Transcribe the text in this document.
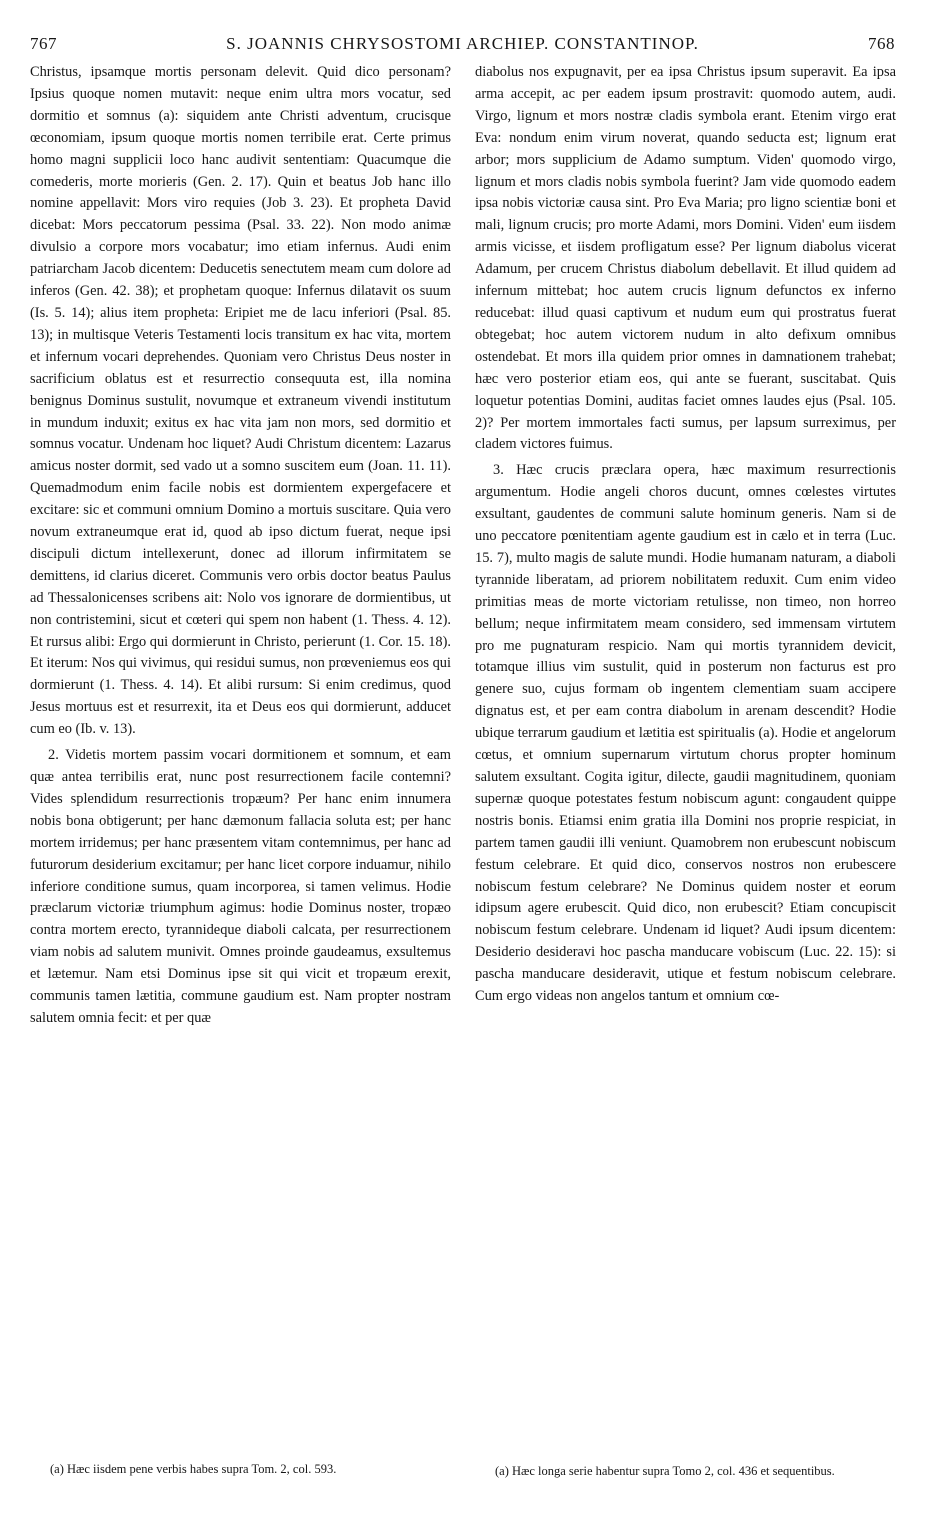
767	S. JOANNIS CHRYSOSTOMI ARCHIEP. CONSTANTINOP.	768

Christus, ipsamque mortis personam delevit. Quid dico personam? Ipsius quoque nomen mutavit: neque enim ultra mors vocatur, sed dormitio et somnus (a): siquidem ante Christi adventum, crucisque œconomiam, ipsum quoque mortis nomen terribile erat. Certe primus homo magni supplicii loco hanc audivit sententiam: Quacumque die comederis, morte morieris (Gen. 2. 17). Quin et beatus Job hanc illo nomine appellavit: Mors viro requies (Job 3. 23). Et propheta David dicebat: Mors peccatorum pessima (Psal. 33. 22). Non modo animæ divulsio a corpore mors vocabatur; imo etiam infernus. Audi enim patriarcham Jacob dicentem: Deducetis senectutem meam cum dolore ad inferos (Gen. 42. 38); et prophetam quoque: Infernus dilatavit os suum (Is. 5. 14); alius item propheta: Eripiet me de lacu inferiori (Psal. 85. 13); in multisque Veteris Testamenti locis transitum ex hac vita, mortem et infernum vocari deprehendes. Quoniam vero Christus Deus noster in sacrificium oblatus est et resurrectio consequuta est, illa nomina benignus Dominus sustulit, novumque et extraneum vivendi institutum in mundum induxit; exitus ex hac vita jam non mors, sed dormitio et somnus vocatur. Undenam hoc liquet? Audi Christum dicentem: Lazarus amicus noster dormit, sed vado ut a somno suscitem eum (Joan. 11. 11). Quemadmodum enim facile nobis est dormientem expergefacere et excitare: sic et communi omnium Domino a mortuis suscitare. Quia vero novum extraneumque erat id, quod ab ipso dictum fuerat, neque ipsi discipuli dictum intellexerunt, donec ad illorum infirmitatem se demittens, id clarius diceret. Communis vero orbis doctor beatus Paulus ad Thessalonicenses scribens ait: Nolo vos ignorare de dormientibus, ut non contristemini, sicut et cœteri qui spem non habent (1. Thess. 4. 12). Et rursus alibi: Ergo qui dormierunt in Christo, perierunt (1. Cor. 15. 18). Et iterum: Nos qui vivimus, qui residui sumus, non prœveniemus eos qui dormierunt (1. Thess. 4. 14). Et alibi rursum: Si enim credimus, quod Jesus mortuus est et resurrexit, ita et Deus eos qui dormierunt, adducet cum eo (Ib. v. 13).

2. Videtis mortem passim vocari dormitionem et somnum, et eam quæ antea terribilis erat, nunc post resurrectionem facile contemni? Vides splendidum resurrectionis tropæum? Per hanc enim innumera nobis bona obtigerunt; per hanc dæmonum fallacia soluta est; per hanc mortem irridemus; per hanc præsentem vitam contemnimus, per hanc ad futurorum desiderium excitamur; per hanc licet corpore induamur, nihilo inferiore conditione sumus, quam incorporea, si tamen velimus. Hodie præclarum victoriæ triumphum agimus: hodie Dominus noster, tropæo contra mortem erecto, tyrannideque diaboli calcata, per resurrectionem viam nobis ad salutem munivit. Omnes proinde gaudeamus, exsultemus et lætemur. Nam etsi Dominus ipse sit qui vicit et tropæum erexit, communis tamen lætitia, commune gaudium est. Nam propter nostram salutem omnia fecit: et per quæ

diabolus nos expugnavit, per ea ipsa Christus ipsum superavit. Ea ipsa arma accepit, ac per eadem ipsum prostravit: quomodo autem, audi. Virgo, lignum et mors nostræ cladis symbola erant. Etenim virgo erat Eva: nondum enim virum noverat, quando seducta est; lignum erat arbor; mors supplicium de Adamo sumptum. Viden' quomodo virgo, lignum et mors cladis nobis symbola fuerint? Jam vide quomodo eadem ipsa nobis victoriæ causa sint. Pro Eva Maria; pro ligno scientiæ boni et mali, lignum crucis; pro morte Adami, mors Domini. Viden' eum iisdem armis vicisse, et iisdem profligatum esse? Per lignum diabolus vicerat Adamum, per crucem Christus diabolum debellavit. Et illud quidem ad infernum mittebat; hoc autem crucis lignum defunctos ex inferno reducebat: illud quasi captivum et nudum eum qui prostratus fuerat obtegebat; hoc autem victorem nudum in alto defixum omnibus ostendebat. Et mors illa quidem prior omnes in damnationem trahebat; hæc vero posterior etiam eos, qui ante se fuerant, suscitabat. Quis loquetur potentias Domini, auditas faciet omnes laudes ejus (Psal. 105. 2)? Per mortem immortales facti sumus, per lapsum surreximus, per cladem victores fuimus.

3. Hæc crucis præclara opera, hæc maximum resurrectionis argumentum. Hodie angeli choros ducunt, omnes cœlestes virtutes exsultant, gaudentes de communi salute hominum generis. Nam si de uno peccatore pœnitentiam agente gaudium est in cælo et in terra (Luc. 15. 7), multo magis de salute mundi. Hodie humanam naturam, a diaboli tyrannide liberatam, ad priorem nobilitatem reduxit. Cum enim video primitias meas de morte victoriam retulisse, non timeo, non horreo bellum; neque infirmitatem meam considero, sed immensam virtutem pro me pugnaturam respicio. Nam qui mortis tyrannidem devicit, totamque illius vim sustulit, quid in posterum non facturus est pro genere suo, cujus formam ob ingentem clementiam suam accipere dignatus est, et per eam contra diabolum in arenam descendit? Hodie ubique terrarum gaudium et lætitia est spiritualis (a). Hodie et angelorum cœtus, et omnium supernarum virtutum chorus propter hominum salutem exsultant. Cogita igitur, dilecte, gaudii magnitudinem, quoniam supernæ quoque potestates festum nobiscum agunt: congaudent quippe nostris bonis. Etiamsi enim gratia illa Domini nos proprie respiciat, in partem tamen gaudii illi veniunt. Quamobrem non erubescunt nobiscum festum celebrare. Et quid dico, conservos nostros non erubescere nobiscum festum celebrare? Ne Dominus quidem noster et eorum idipsum agere erubescit. Quid dico, non erubescit? Etiam concupiscit nobiscum festum celebrare. Undenam id liquet? Audi ipsum dicentem: Desiderio desideravi hoc pascha manducare vobiscum (Luc. 22. 15): si pascha manducare desideravit, utique et festum nobiscum celebrare. Cum ergo videas non angelos tantum et omnium cœ-

(a) Hæc iisdem pene verbis habes supra Tom. 2, col. 593.	(a) Hæc longa serie habentur supra Tomo 2, col. 436 et sequentibus.
